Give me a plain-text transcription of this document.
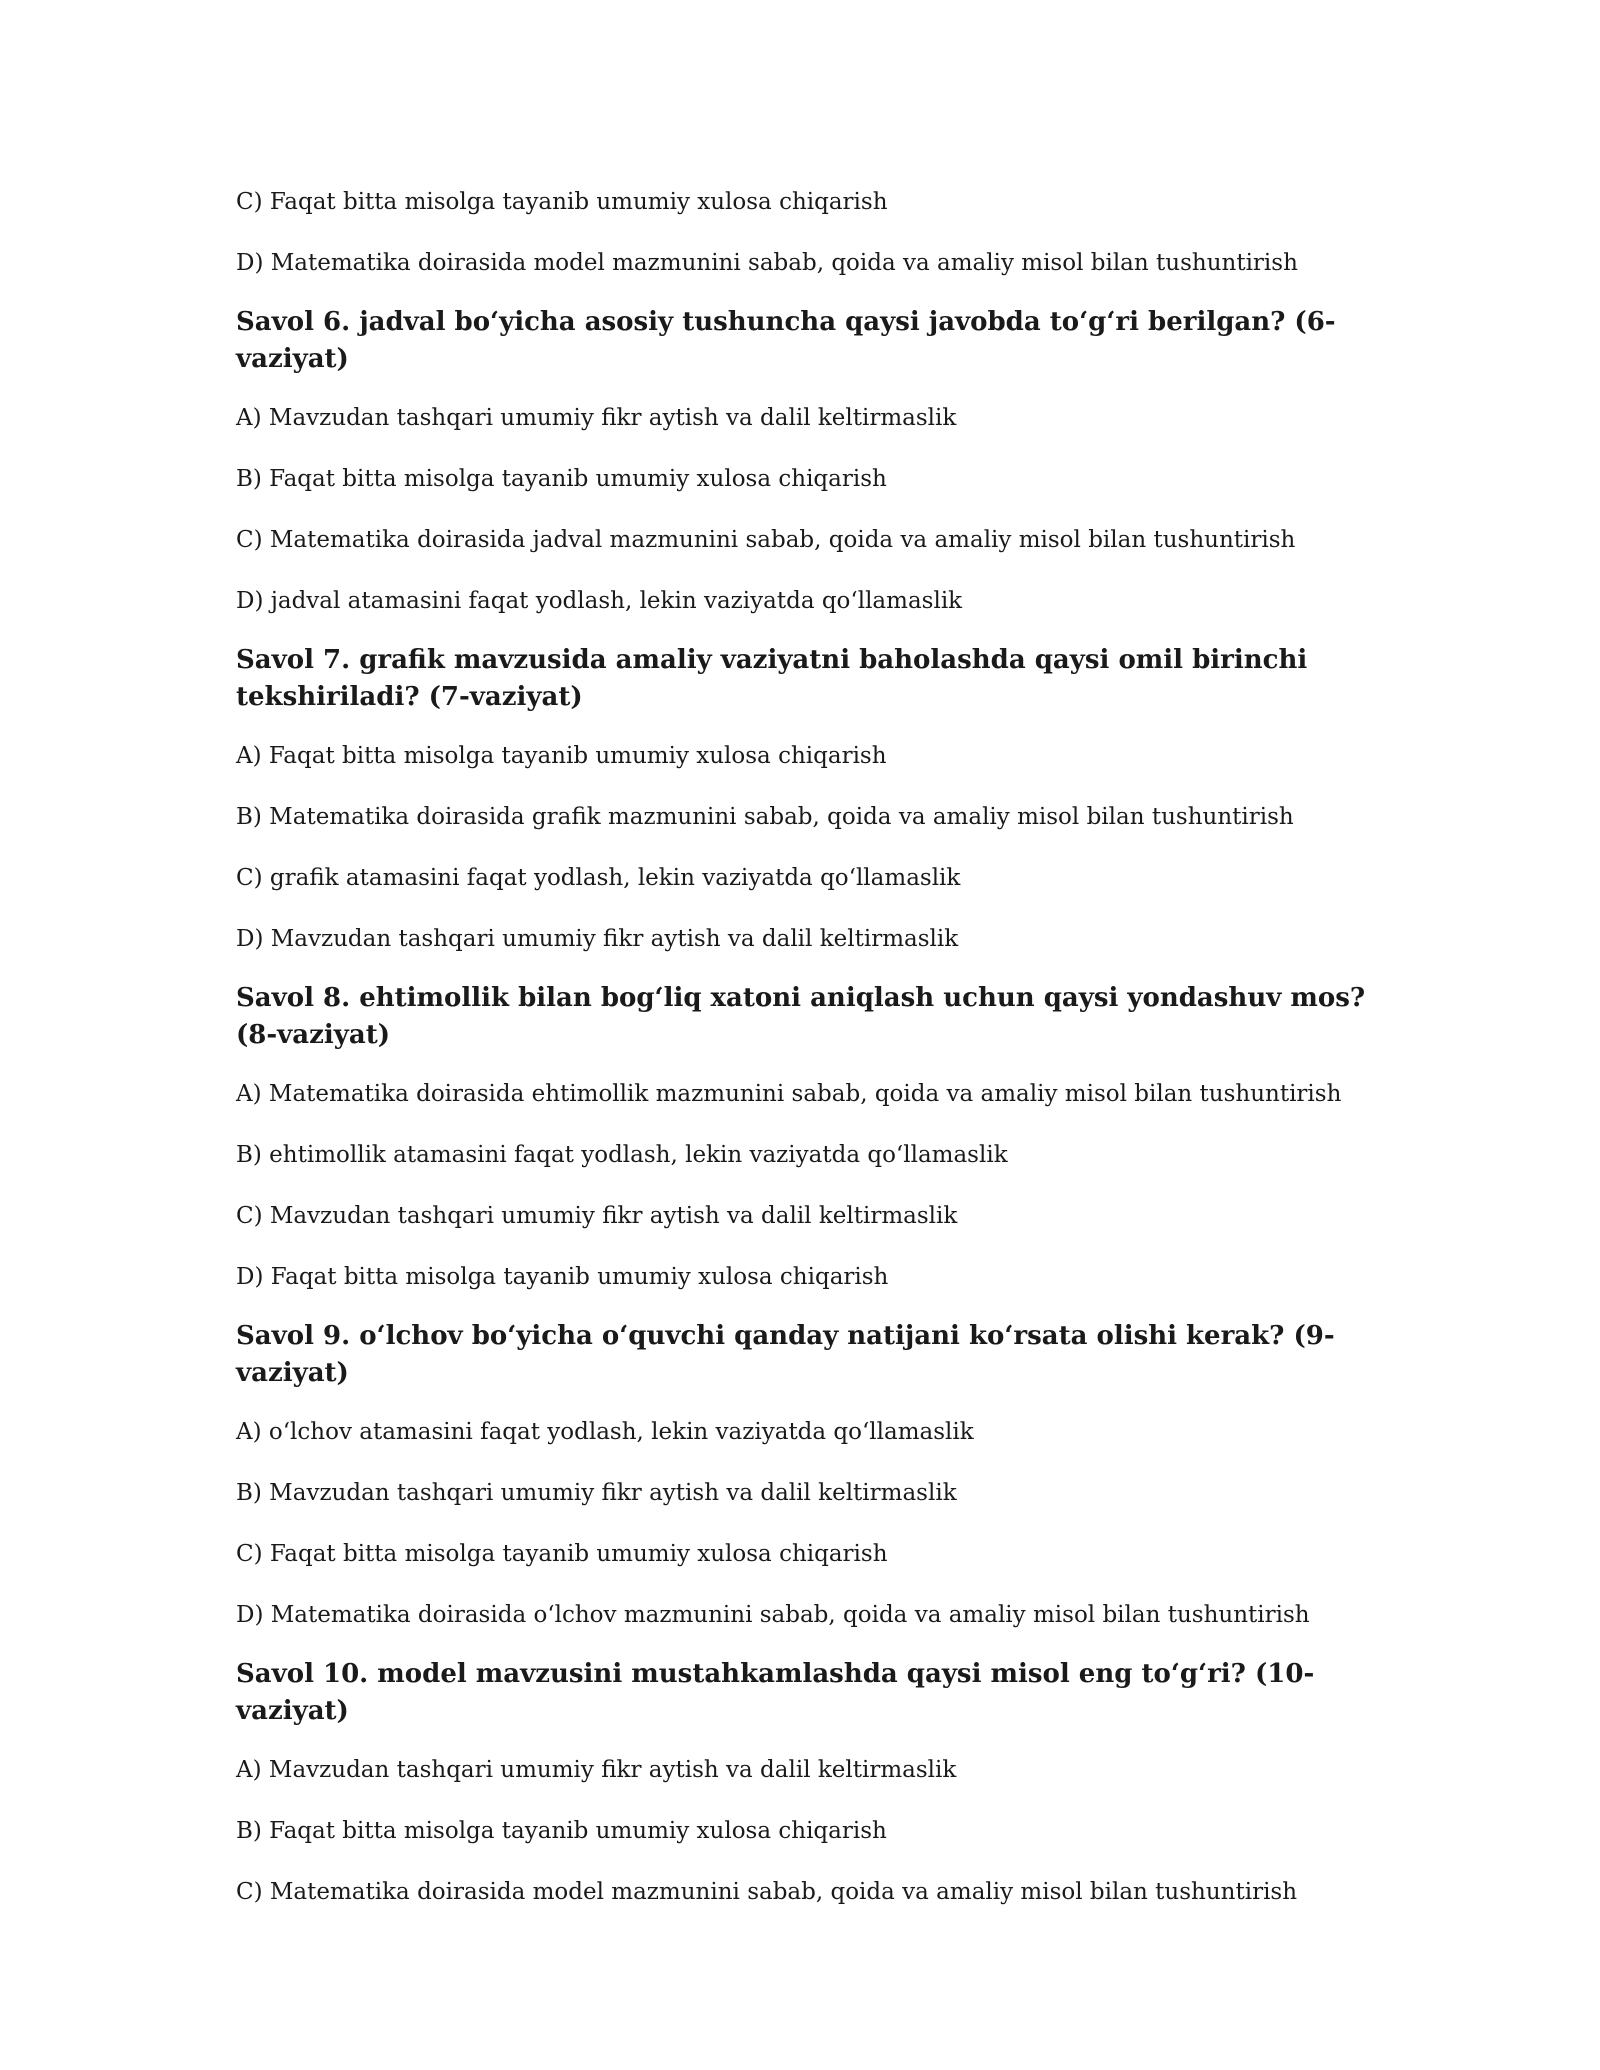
C) Faqat bitta misolga tayanib umumiy xulosa chiqarish

D) Matematika doirasida model mazmunini sabab, qoida va amaliy misol bilan tushuntirish

Savol 6. jadval bo‘yicha asosiy tushuncha qaysi javobda to‘g‘ri berilgan? (6-vaziyat)

A) Mavzudan tashqari umumiy fikr aytish va dalil keltirmaslik

B) Faqat bitta misolga tayanib umumiy xulosa chiqarish

C) Matematika doirasida jadval mazmunini sabab, qoida va amaliy misol bilan tushuntirish

D) jadval atamasini faqat yodlash, lekin vaziyatda qo‘llamaslik

Savol 7. grafik mavzusida amaliy vaziyatni baholashda qaysi omil birinchi tekshiriladi? (7-vaziyat)

A) Faqat bitta misolga tayanib umumiy xulosa chiqarish

B) Matematika doirasida grafik mazmunini sabab, qoida va amaliy misol bilan tushuntirish

C) grafik atamasini faqat yodlash, lekin vaziyatda qo‘llamaslik

D) Mavzudan tashqari umumiy fikr aytish va dalil keltirmaslik

Savol 8. ehtimollik bilan bog‘liq xatoni aniqlash uchun qaysi yondashuv mos? (8-vaziyat)

A) Matematika doirasida ehtimollik mazmunini sabab, qoida va amaliy misol bilan tushuntirish

B) ehtimollik atamasini faqat yodlash, lekin vaziyatda qo‘llamaslik

C) Mavzudan tashqari umumiy fikr aytish va dalil keltirmaslik

D) Faqat bitta misolga tayanib umumiy xulosa chiqarish

Savol 9. o‘lchov bo‘yicha o‘quvchi qanday natijani ko‘rsata olishi kerak? (9-vaziyat)

A) o‘lchov atamasini faqat yodlash, lekin vaziyatda qo‘llamaslik

B) Mavzudan tashqari umumiy fikr aytish va dalil keltirmaslik

C) Faqat bitta misolga tayanib umumiy xulosa chiqarish

D) Matematika doirasida o‘lchov mazmunini sabab, qoida va amaliy misol bilan tushuntirish

Savol 10. model mavzusini mustahkamlashda qaysi misol eng to‘g‘ri? (10-vaziyat)

A) Mavzudan tashqari umumiy fikr aytish va dalil keltirmaslik

B) Faqat bitta misolga tayanib umumiy xulosa chiqarish

C) Matematika doirasida model mazmunini sabab, qoida va amaliy misol bilan tushuntirish
